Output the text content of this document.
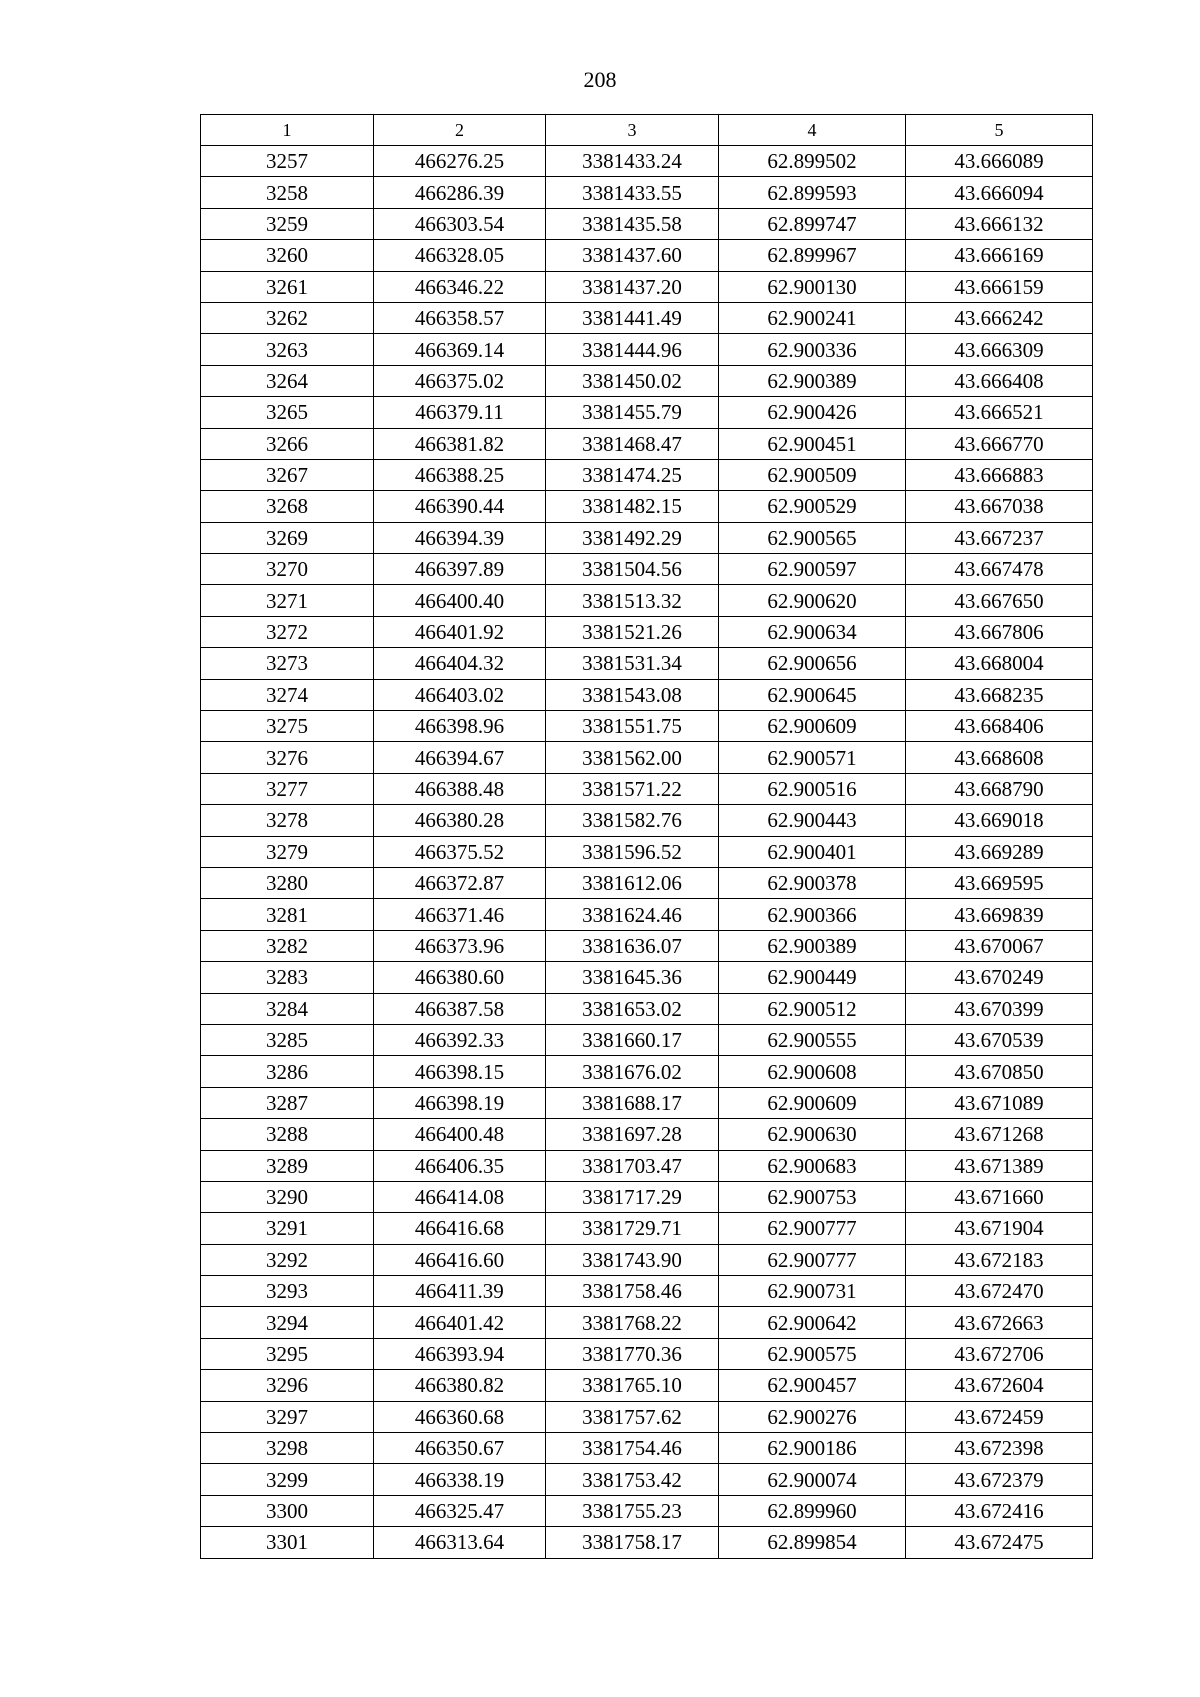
208
1	2	3	4	5
3257	466276.25	3381433.24	62.899502	43.666089
3258	466286.39	3381433.55	62.899593	43.666094
3259	466303.54	3381435.58	62.899747	43.666132
3260	466328.05	3381437.60	62.899967	43.666169
3261	466346.22	3381437.20	62.900130	43.666159
3262	466358.57	3381441.49	62.900241	43.666242
3263	466369.14	3381444.96	62.900336	43.666309
3264	466375.02	3381450.02	62.900389	43.666408
3265	466379.11	3381455.79	62.900426	43.666521
3266	466381.82	3381468.47	62.900451	43.666770
3267	466388.25	3381474.25	62.900509	43.666883
3268	466390.44	3381482.15	62.900529	43.667038
3269	466394.39	3381492.29	62.900565	43.667237
3270	466397.89	3381504.56	62.900597	43.667478
3271	466400.40	3381513.32	62.900620	43.667650
3272	466401.92	3381521.26	62.900634	43.667806
3273	466404.32	3381531.34	62.900656	43.668004
3274	466403.02	3381543.08	62.900645	43.668235
3275	466398.96	3381551.75	62.900609	43.668406
3276	466394.67	3381562.00	62.900571	43.668608
3277	466388.48	3381571.22	62.900516	43.668790
3278	466380.28	3381582.76	62.900443	43.669018
3279	466375.52	3381596.52	62.900401	43.669289
3280	466372.87	3381612.06	62.900378	43.669595
3281	466371.46	3381624.46	62.900366	43.669839
3282	466373.96	3381636.07	62.900389	43.670067
3283	466380.60	3381645.36	62.900449	43.670249
3284	466387.58	3381653.02	62.900512	43.670399
3285	466392.33	3381660.17	62.900555	43.670539
3286	466398.15	3381676.02	62.900608	43.670850
3287	466398.19	3381688.17	62.900609	43.671089
3288	466400.48	3381697.28	62.900630	43.671268
3289	466406.35	3381703.47	62.900683	43.671389
3290	466414.08	3381717.29	62.900753	43.671660
3291	466416.68	3381729.71	62.900777	43.671904
3292	466416.60	3381743.90	62.900777	43.672183
3293	466411.39	3381758.46	62.900731	43.672470
3294	466401.42	3381768.22	62.900642	43.672663
3295	466393.94	3381770.36	62.900575	43.672706
3296	466380.82	3381765.10	62.900457	43.672604
3297	466360.68	3381757.62	62.900276	43.672459
3298	466350.67	3381754.46	62.900186	43.672398
3299	466338.19	3381753.42	62.900074	43.672379
3300	466325.47	3381755.23	62.899960	43.672416
3301	466313.64	3381758.17	62.899854	43.672475
